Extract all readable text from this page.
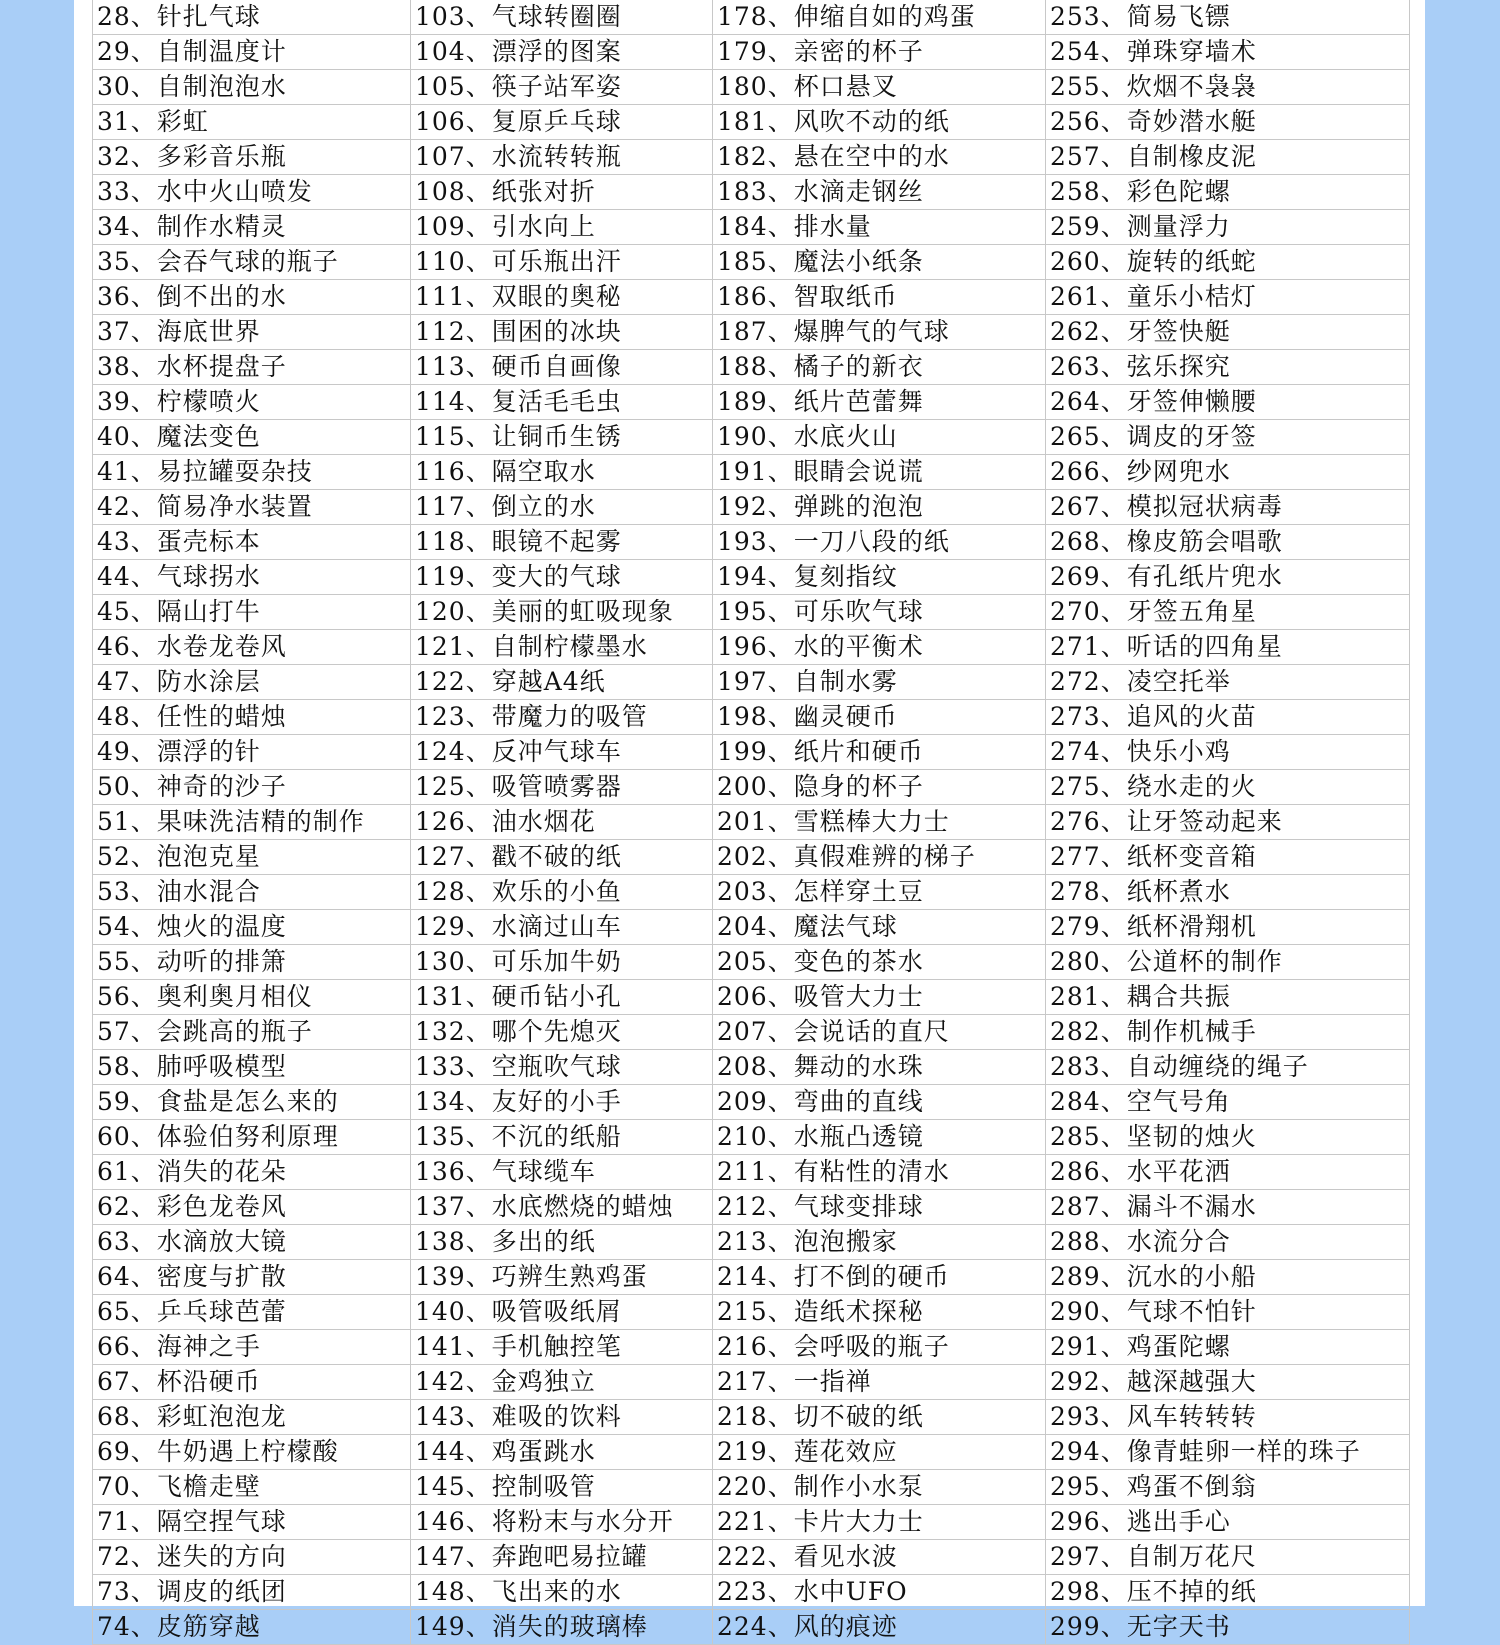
28、针扎气球	103、气球转圈圈	178、伸缩自如的鸡蛋	253、简易飞镖
29、自制温度计	104、漂浮的图案	179、亲密的杯子	254、弹珠穿墙术
30、自制泡泡水	105、筷子站军姿	180、杯口悬叉	255、炊烟不袅袅
31、彩虹	106、复原乒乓球	181、风吹不动的纸	256、奇妙潜水艇
32、多彩音乐瓶	107、水流转转瓶	182、悬在空中的水	257、自制橡皮泥
33、水中火山喷发	108、纸张对折	183、水滴走钢丝	258、彩色陀螺
34、制作水精灵	109、引水向上	184、排水量	259、测量浮力
35、会吞气球的瓶子	110、可乐瓶出汗	185、魔法小纸条	260、旋转的纸蛇
36、倒不出的水	111、双眼的奥秘	186、智取纸币	261、童乐小桔灯
37、海底世界	112、围困的冰块	187、爆脾气的气球	262、牙签快艇
38、水杯提盘子	113、硬币自画像	188、橘子的新衣	263、弦乐探究
39、柠檬喷火	114、复活毛毛虫	189、纸片芭蕾舞	264、牙签伸懒腰
40、魔法变色	115、让铜币生锈	190、水底火山	265、调皮的牙签
41、易拉罐耍杂技	116、隔空取水	191、眼睛会说谎	266、纱网兜水
42、简易净水装置	117、倒立的水	192、弹跳的泡泡	267、模拟冠状病毒
43、蛋壳标本	118、眼镜不起雾	193、一刀八段的纸	268、橡皮筋会唱歌
44、气球拐水	119、变大的气球	194、复刻指纹	269、有孔纸片兜水
45、隔山打牛	120、美丽的虹吸现象	195、可乐吹气球	270、牙签五角星
46、水卷龙卷风	121、自制柠檬墨水	196、水的平衡术	271、听话的四角星
47、防水涂层	122、穿越A4纸	197、自制水雾	272、凌空托举
48、任性的蜡烛	123、带魔力的吸管	198、幽灵硬币	273、追风的火苗
49、漂浮的针	124、反冲气球车	199、纸片和硬币	274、快乐小鸡
50、神奇的沙子	125、吸管喷雾器	200、隐身的杯子	275、绕水走的火
51、果味洗洁精的制作	126、油水烟花	201、雪糕棒大力士	276、让牙签动起来
52、泡泡克星	127、戳不破的纸	202、真假难辨的梯子	277、纸杯变音箱
53、油水混合	128、欢乐的小鱼	203、怎样穿土豆	278、纸杯煮水
54、烛火的温度	129、水滴过山车	204、魔法气球	279、纸杯滑翔机
55、动听的排箫	130、可乐加牛奶	205、变色的茶水	280、公道杯的制作
56、奥利奥月相仪	131、硬币钻小孔	206、吸管大力士	281、耦合共振
57、会跳高的瓶子	132、哪个先熄灭	207、会说话的直尺	282、制作机械手
58、肺呼吸模型	133、空瓶吹气球	208、舞动的水珠	283、自动缠绕的绳子
59、食盐是怎么来的	134、友好的小手	209、弯曲的直线	284、空气号角
60、体验伯努利原理	135、不沉的纸船	210、水瓶凸透镜	285、坚韧的烛火
61、消失的花朵	136、气球缆车	211、有粘性的清水	286、水平花洒
62、彩色龙卷风	137、水底燃烧的蜡烛	212、气球变排球	287、漏斗不漏水
63、水滴放大镜	138、多出的纸	213、泡泡搬家	288、水流分合
64、密度与扩散	139、巧辨生熟鸡蛋	214、打不倒的硬币	289、沉水的小船
65、乒乓球芭蕾	140、吸管吸纸屑	215、造纸术探秘	290、气球不怕针
66、海神之手	141、手机触控笔	216、会呼吸的瓶子	291、鸡蛋陀螺
67、杯沿硬币	142、金鸡独立	217、一指禅	292、越深越强大
68、彩虹泡泡龙	143、难吸的饮料	218、切不破的纸	293、风车转转转
69、牛奶遇上柠檬酸	144、鸡蛋跳水	219、莲花效应	294、像青蛙卵一样的珠子
70、飞檐走壁	145、控制吸管	220、制作小水泵	295、鸡蛋不倒翁
71、隔空捏气球	146、将粉末与水分开	221、卡片大力士	296、逃出手心
72、迷失的方向	147、奔跑吧易拉罐	222、看见水波	297、自制万花尺
73、调皮的纸团	148、飞出来的水	223、水中UFO	298、压不掉的纸
74、皮筋穿越	149、消失的玻璃棒	224、风的痕迹	299、无字天书
